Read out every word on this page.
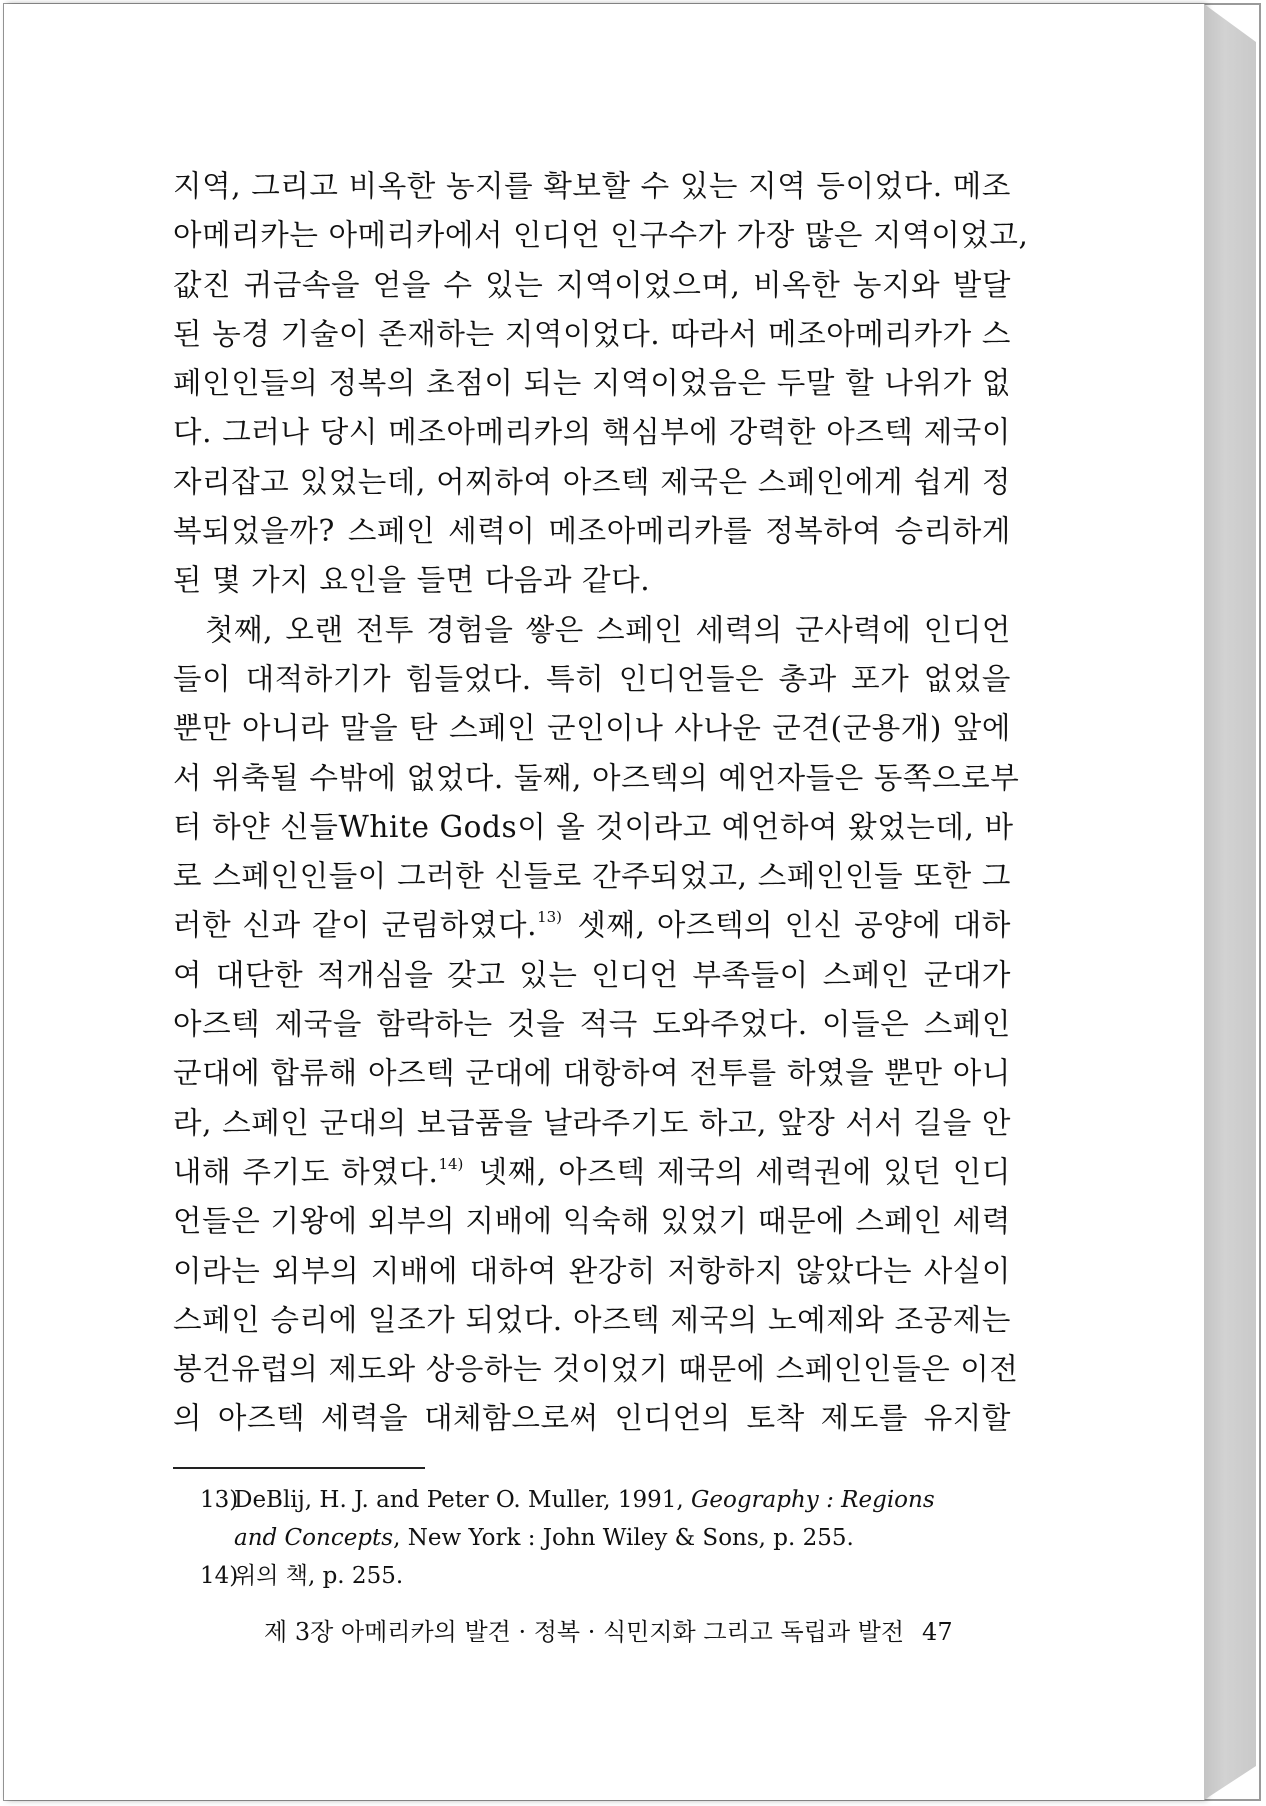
지역, 그리고 비옥한 농지를 확보할 수 있는 지역 등이었다. 메조
아메리카는 아메리카에서 인디언 인구수가 가장 많은 지역이었고,
값진 귀금속을 얻을 수 있는 지역이었으며, 비옥한 농지와 발달
된 농경 기술이 존재하는 지역이었다. 따라서 메조아메리카가 스
페인인들의 정복의 초점이 되는 지역이었음은 두말 할 나위가 없
다. 그러나 당시 메조아메리카의 핵심부에 강력한 아즈텍 제국이
자리잡고 있었는데, 어찌하여 아즈텍 제국은 스페인에게 쉽게 정
복되었을까? 스페인 세력이 메조아메리카를 정복하여 승리하게
된 몇 가지 요인을 들면 다음과 같다.
첫째, 오랜 전투 경험을 쌓은 스페인 세력의 군사력에 인디언
들이 대적하기가 힘들었다. 특히 인디언들은 총과 포가 없었을
뿐만 아니라 말을 탄 스페인 군인이나 사나운 군견(군용개) 앞에
서 위축될 수밖에 없었다. 둘째, 아즈텍의 예언자들은 동쪽으로부
터 하얀 신들White Gods이 올 것이라고 예언하여 왔었는데, 바
로 스페인인들이 그러한 신들로 간주되었고, 스페인인들 또한 그
러한 신과 같이 군림하였다.$^{13)}$ 셋째, 아즈텍의 인신 공양에 대하
여 대단한 적개심을 갖고 있는 인디언 부족들이 스페인 군대가
아즈텍 제국을 함락하는 것을 적극 도와주었다. 이들은 스페인
군대에 합류해 아즈텍 군대에 대항하여 전투를 하였을 뿐만 아니
라, 스페인 군대의 보급품을 날라주기도 하고, 앞장 서서 길을 안
내해 주기도 하였다.$^{14)}$ 넷째, 아즈텍 제국의 세력권에 있던 인디
언들은 기왕에 외부의 지배에 익숙해 있었기 때문에 스페인 세력
이라는 외부의 지배에 대하여 완강히 저항하지 않았다는 사실이
스페인 승리에 일조가 되었다. 아즈텍 제국의 노예제와 조공제는
봉건유럽의 제도와 상응하는 것이었기 때문에 스페인인들은 이전
의 아즈텍 세력을 대체함으로써 인디언의 토착 제도를 유지할
13)DeBlij, H. J. and Peter O. Muller, 1991, Geography : Regions
and Concepts, New York : John Wiley & Sons, p. 255.
14)위의 책, p. 255.
제 3장 아메리카의 발견 · 정복 · 식민지화 그리고 독립과 발전 47
